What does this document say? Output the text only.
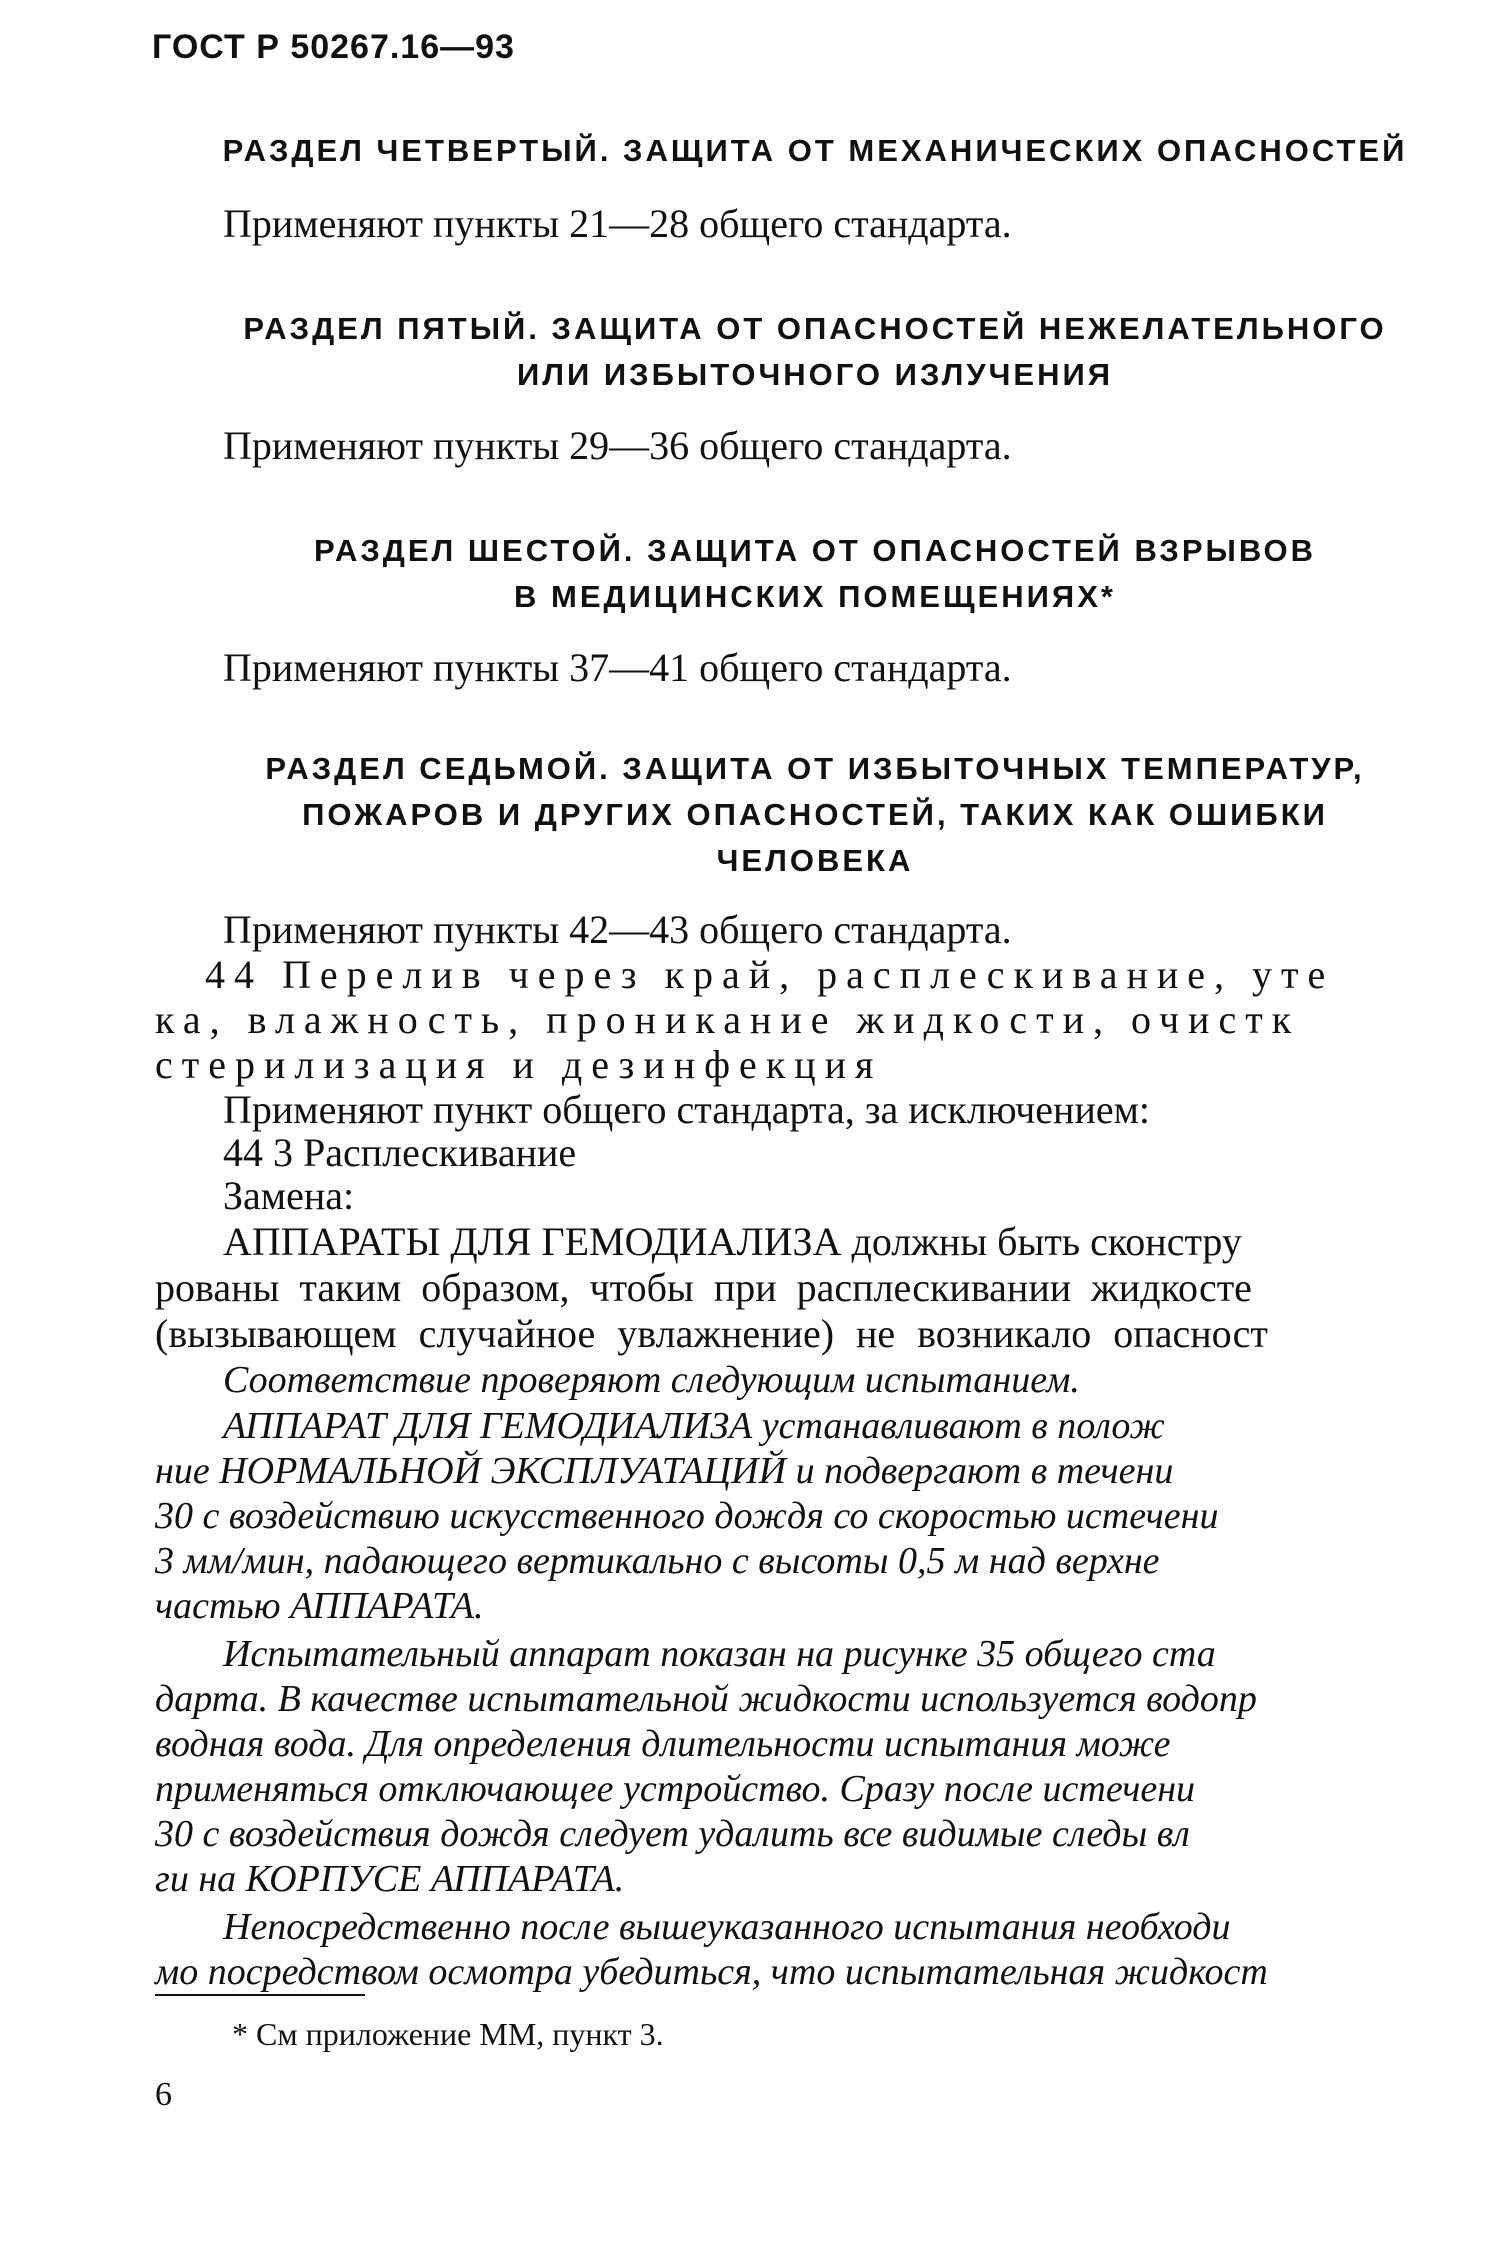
ГОСТ Р 50267.16—93
РАЗДЕЛ ЧЕТВЕРТЫЙ. ЗАЩИТА ОТ МЕХАНИЧЕСКИХ ОПАСНОСТЕЙ
Применяют пункты 21—28 общего стандарта.
РАЗДЕЛ ПЯТЫЙ. ЗАЩИТА ОТ ОПАСНОСТЕЙ НЕЖЕЛАТЕЛЬНОГО
ИЛИ ИЗБЫТОЧНОГО ИЗЛУЧЕНИЯ
Применяют пункты 29—36 общего стандарта.
РАЗДЕЛ ШЕСТОЙ. ЗАЩИТА ОТ ОПАСНОСТЕЙ ВЗРЫВОВ
В МЕДИЦИНСКИХ ПОМЕЩЕНИЯХ*
Применяют пункты 37—41 общего стандарта.
РАЗДЕЛ СЕДЬМОЙ. ЗАЩИТА ОТ ИЗБЫТОЧНЫХ ТЕМПЕРАТУР,
ПОЖАРОВ И ДРУГИХ ОПАСНОСТЕЙ, ТАКИХ КАК ОШИБКИ
ЧЕЛОВЕКА
Применяют пункты 42—43 общего стандарта.
44 Перелив через край, расплескивание, уте
ка, влажность, проникание жидкости, очистк
стерилизация и дезинфекция
Применяют пункт общего стандарта, за исключением:
44 3 Расплескивание
Замена:
АППАРАТЫ ДЛЯ ГЕМОДИАЛИЗА должны быть сконстру
рованы таким образом, чтобы при расплескивании жидкосте
(вызывающем случайное увлажнение) не возникало опасност
Соответствие проверяют следующим испытанием.
АППАРАТ ДЛЯ ГЕМОДИАЛИЗА устанавливают в полож
ние НОРМАЛЬНОЙ ЭКСПЛУАТАЦИЙ и подвергают в течени
30 с воздействию искусственного дождя со скоростью истечени
3 мм/мин, падающего вертикально с высоты 0,5 м над верхне
частью АППАРАТА.
Испытательный аппарат показан на рисунке 35 общего ста
дарта. В качестве испытательной жидкости используется водопр
водная вода. Для определения длительности испытания може
применяться отключающее устройство. Сразу после истечени
30 с воздействия дождя следует удалить все видимые следы вл
ги на КОРПУСЕ АППАРАТА.
Непосредственно после вышеуказанного испытания необходи
мо посредством осмотра убедиться, что испытательная жидкост
* См приложение ММ, пункт 3.
6
